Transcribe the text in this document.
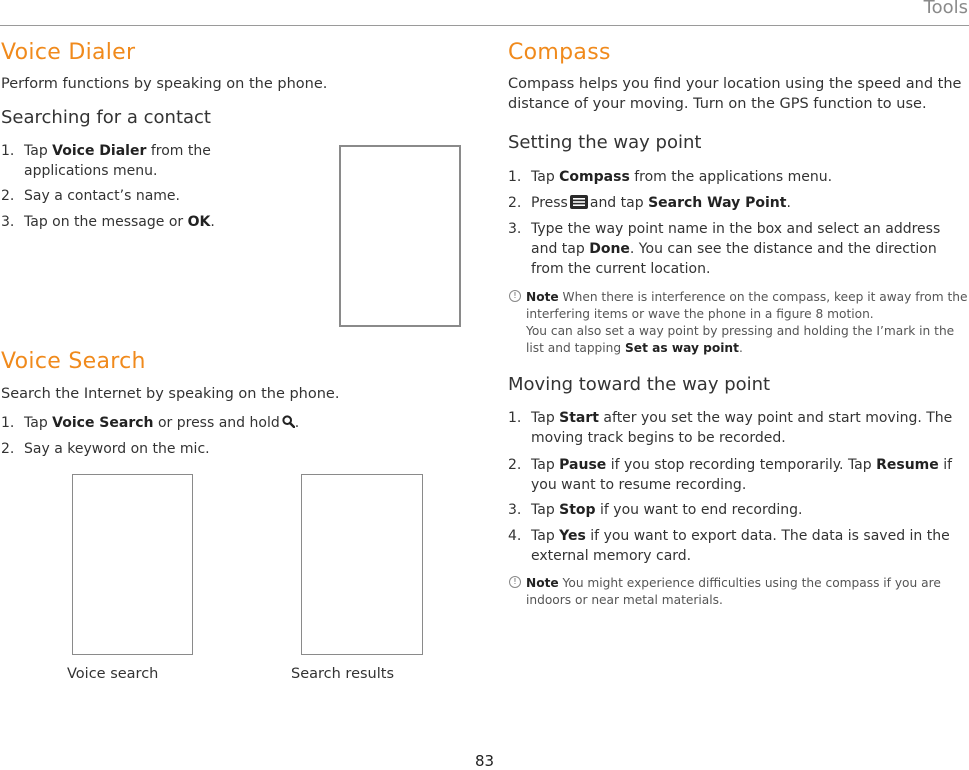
Tools
Voice Dialer

Perform functions by speaking on the phone.

Searching for a contact
1. Tap Voice Dialer from the applications menu.
2. Say a contact’s name.
3. Tap on the message or OK.
Voice Search

Search the Internet by speaking on the phone.

1. Tap Voice Search or press and hold .
2. Say a keyword on the mic.
Voice search	Search results
Compass

Compass helps you find your location using the speed and the distance of your moving. Turn on the GPS function to use.

Setting the way point
1. Tap Compass from the applications menu.
2. Press and tap Search Way Point.
3. Type the way point name in the box and select an address and tap Done. You can see the distance and the direction from the current location.
! Note When there is interference on the compass, keep it away from the interfering items or wave the phone in a figure 8 motion.
You can also set a way point by pressing and holding the I’mark in the list and tapping Set as way point.
Moving toward the way point
1. Tap Start after you set the way point and start moving. The moving track begins to be recorded.
2. Tap Pause if you stop recording temporarily. Tap Resume if you want to resume recording.
3. Tap Stop if you want to end recording.
4. Tap Yes if you want to export data. The data is saved in the external memory card.
! Note You might experience difficulties using the compass if you are indoors or near metal materials.
83
